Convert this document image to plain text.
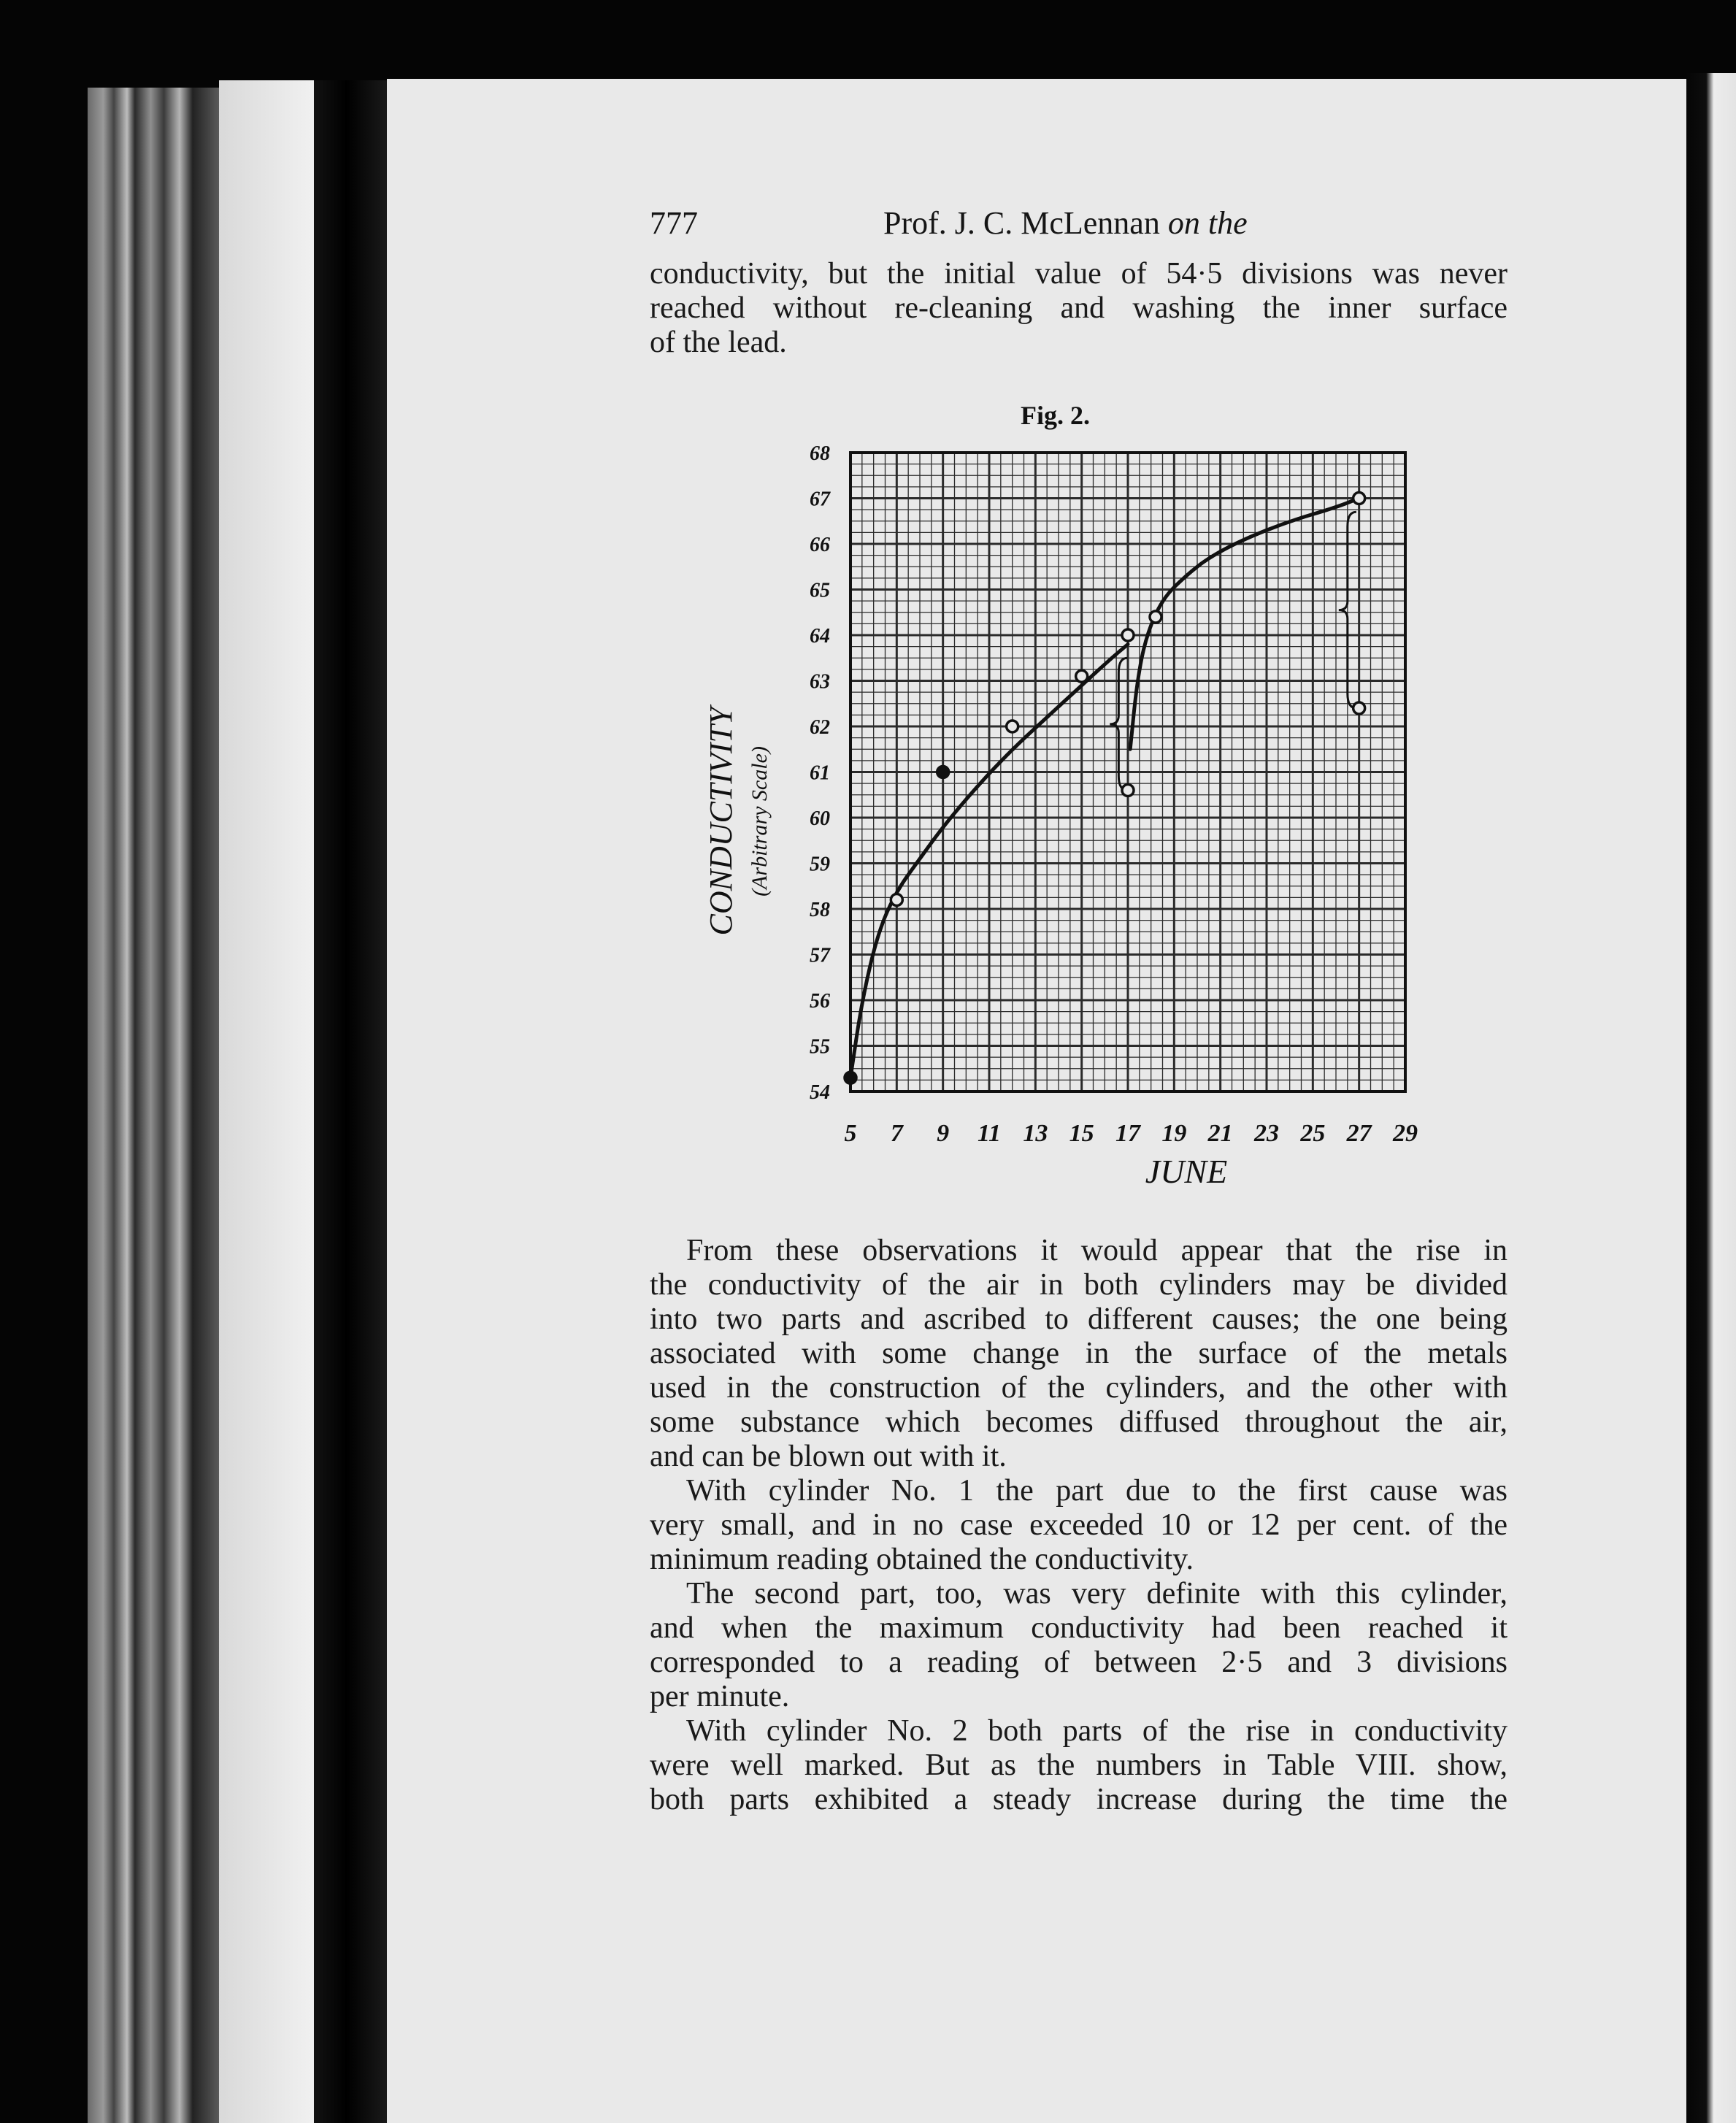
777	Prof. J. C. McLennan on the

conductivity, but the initial value of 54·5 divisions was never

reached without re-cleaning and washing the inner surface

of the lead.

Fig. 2.
54
55
56
57
58
59
60
61
62
63
64
65
66
67
68
5 7 9 11 13 15 17 19 21 23 25 27 29
JUNE
CONDUCTIVITY (Arbitrary Scale)

From these observations it would appear that the rise in

the conductivity of the air in both cylinders may be divided

into two parts and ascribed to different causes; the one being

associated with some change in the surface of the metals

used in the construction of the cylinders, and the other with

some substance which becomes diffused throughout the air,

and can be blown out with it.

With cylinder No. 1 the part due to the first cause was

very small, and in no case exceeded 10 or 12 per cent. of the

minimum reading obtained the conductivity.

The second part, too, was very definite with this cylinder,

and when the maximum conductivity had been reached it

corresponded to a reading of between 2·5 and 3 divisions

per minute.

With cylinder No. 2 both parts of the rise in conductivity

were well marked. But as the numbers in Table VIII. show,

both parts exhibited a steady increase during the time the
